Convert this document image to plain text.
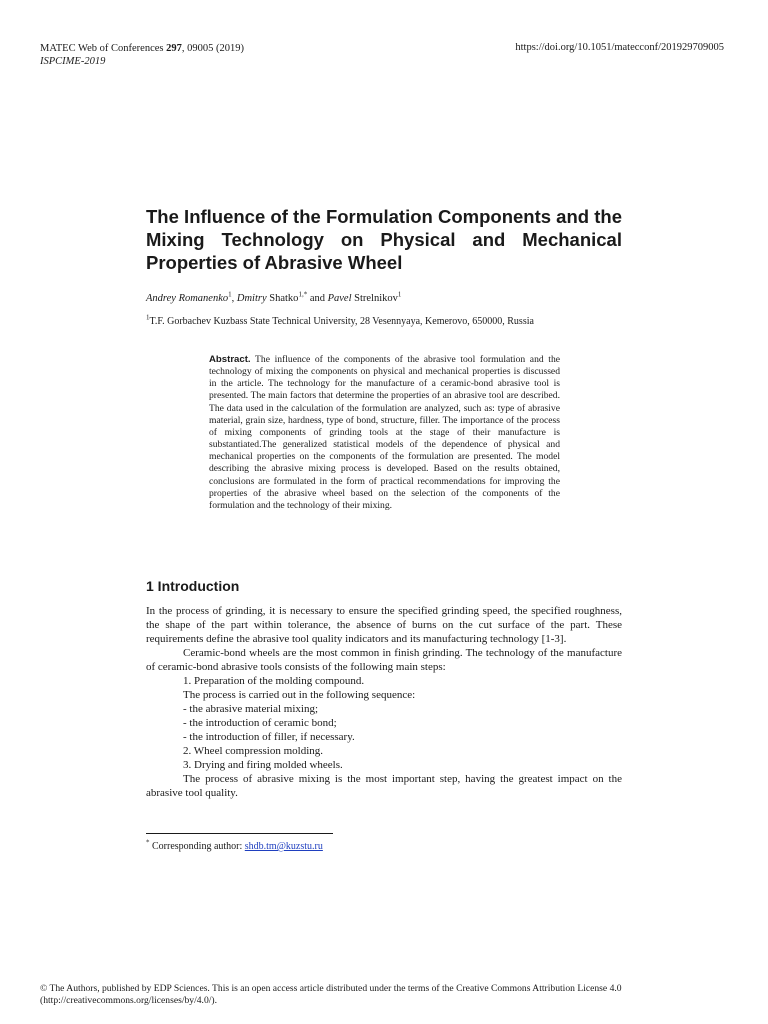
MATEC Web of Conferences 297, 09005 (2019)
ISPCIME-2019
https://doi.org/10.1051/matecconf/201929709005
The Influence of the Formulation Components and the Mixing Technology on Physical and Mechanical Properties of Abrasive Wheel
Andrey Romanenko$^1$, Dmitry Shatko$^{1,*}$ and Pavel Strelnikov$^1$
$^1$T.F. Gorbachev Kuzbass State Technical University, 28 Vesennyaya, Kemerovo, 650000, Russia

Abstract. The influence of the components of the abrasive tool formulation and the technology of mixing the components on physical and mechanical properties is discussed in the article. The technology for the manufacture of a ceramic-bond abrasive tool is presented. The main factors that determine the properties of an abrasive tool are described. The data used in the calculation of the formulation are analyzed, such as: type of abrasive material, grain size, hardness, type of bond, structure, filler. The importance of the process of mixing components of grinding tools at the stage of their manufacture is substantiated.The generalized statistical models of the dependence of physical and mechanical properties on the components of the formulation are presented. The model describing the abrasive mixing process is developed. Based on the results obtained, conclusions are formulated in the form of practical recommendations for improving the properties of the abrasive wheel based on the selection of the components of the formulation and the technology of their mixing.

1 Introduction

In the process of grinding, it is necessary to ensure the specified grinding speed, the specified roughness, the shape of the part within tolerance, the absence of burns on the cut surface of the part. These requirements define the abrasive tool quality indicators and its manufacturing technology [1-3].

Ceramic-bond wheels are the most common in finish grinding. The technology of the manufacture of ceramic-bond abrasive tools consists of the following main steps:

1. Preparation of the molding compound.

The process is carried out in the following sequence:

- the abrasive material mixing;

- the introduction of ceramic bond;

- the introduction of filler, if necessary.

2. Wheel compression molding.

3. Drying and firing molded wheels.

The process of abrasive mixing is the most important step, having the greatest impact on the abrasive tool quality.

* Corresponding author: shdb.tm@kuzstu.ru
© The Authors, published by EDP Sciences. This is an open access article distributed under the terms of the Creative Commons Attribution License 4.0 (http://creativecommons.org/licenses/by/4.0/).
